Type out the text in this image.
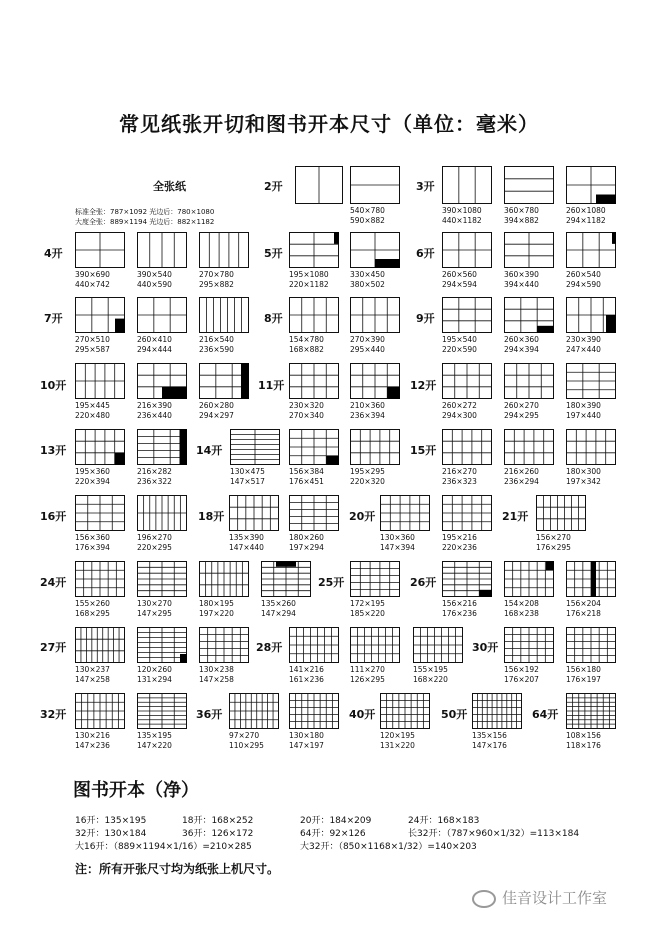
常见纸张开切和图书开本尺寸（单位：毫米）
全张纸
标准全张：787×1092 光边后：780×1080
大度全张：889×1194 光边后：882×1182
2开	3开
4开	5开	6开
7开	8开	9开
10开	11开	12开
13开	14开	15开
16开	18开	20开	21开
24开	25开	26开
27开	28开	30开
32开	36开	40开	50开	64开
540×780
590×882
390×1080
440×1182
360×780
394×882
260×1080
294×1182
390×690
440×742
390×540
440×590
270×780
295×882
195×1080
220×1182
330×450
380×502
260×560
294×594
360×390
394×440
260×540
294×590
270×510
295×587
260×410
294×444
216×540
236×590
154×780
168×882
270×390
295×440
195×540
220×590
260×360
294×394
230×390
247×440
195×445
220×480
216×390
236×440
260×280
294×297
230×320
270×340
210×360
236×394
260×272
294×300
260×270
294×295
180×390
197×440
195×360
220×394
216×282
236×322
130×475
147×517
156×384
176×451
195×295
220×320
216×270
236×323
216×260
236×294
180×300
197×342
156×360
176×394
196×270
220×295
135×390
147×440
180×260
197×294
130×360
147×394
195×216
220×236
156×270
176×295
155×260
168×295
130×270
147×295
180×195
197×220
135×260
147×294
172×195
185×220
156×216
176×236
154×208
168×238
156×204
176×218
130×237
147×258
120×260
131×294
130×238
147×258
141×216
161×236
111×270
126×295
155×195
168×220
156×192
176×207
156×180
176×197
130×216
147×236
135×195
147×220
97×270
110×295
130×180
147×197
120×195
131×220
135×156
147×176
108×156
118×176
图书开本（净）
16开：135×195	18开：168×252	20开：184×209	24开：168×183
32开：130×184	36开：126×172	64开：92×126	长32开：（787×960×1/32）=113×184
大16开：（889×1194×1/16）=210×285	大32开：（850×1168×1/32）=140×203
注：所有开张尺寸均为纸张上机尺寸。
佳音设计工作室
